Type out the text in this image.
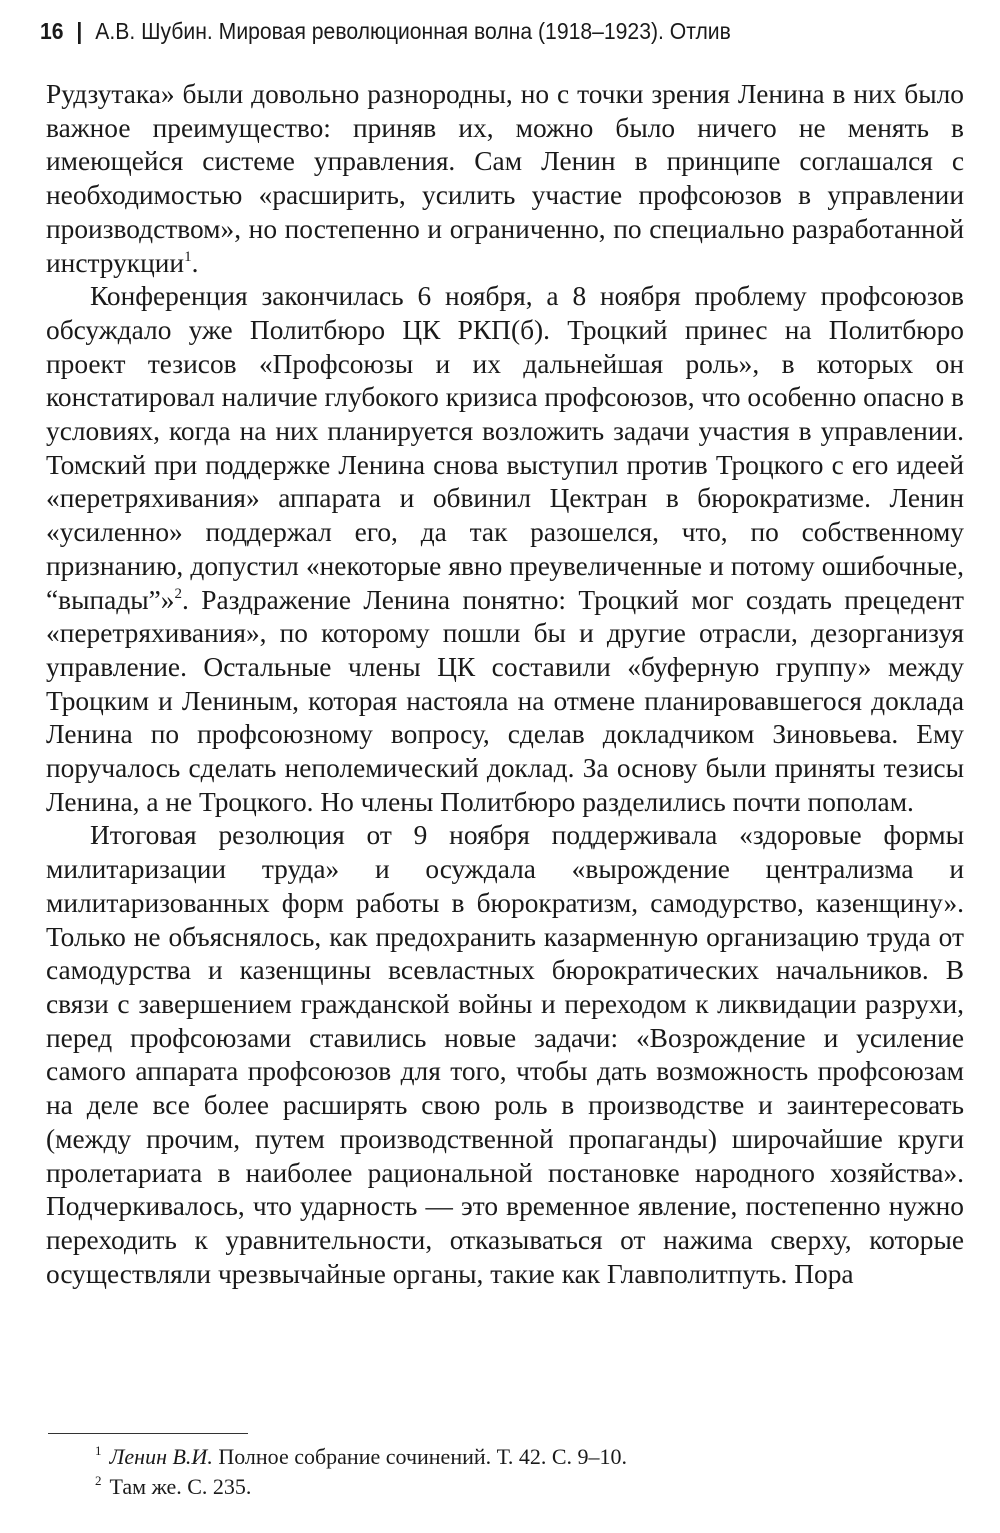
16 | А.В. Шубин. Мировая революционная волна (1918–1923). Отлив

Рудзутака» были довольно разнородны, но с точки зрения Ленина в них было важное преимущество: приняв их, можно было ничего не менять в имеющейся системе управления. Сам Ленин в принципе соглашался с необходимостью «расширить, усилить участие профсоюзов в управлении производством», но постепенно и ограниченно, по специально разработанной инструкции$^1$.

Конференция закончилась 6 ноября, а 8 ноября проблему профсоюзов обсуждало уже Политбюро ЦК РКП(б). Троцкий принес на Политбюро проект тезисов «Профсоюзы и их дальнейшая роль», в которых он констатировал наличие глубокого кризиса профсоюзов, что особенно опасно в условиях, когда на них планируется возложить задачи участия в управлении. Томский при поддержке Ленина снова выступил против Троцкого с его идеей «перетряхивания» аппарата и обвинил Цектран в бюрократизме. Ленин «усиленно» поддержал его, да так разошелся, что, по собственному признанию, допустил «некоторые явно преувеличенные и потому ошибочные, “выпады”»$^2$. Раздражение Ленина понятно: Троцкий мог создать прецедент «перетряхивания», по которому пошли бы и другие отрасли, дезорганизуя управление. Остальные члены ЦК составили «буферную группу» между Троцким и Лениным, которая настояла на отмене планировавшегося доклада Ленина по профсоюзному вопросу, сделав докладчиком Зиновьева. Ему поручалось сделать неполемический доклад. За основу были приняты тезисы Ленина, а не Троцкого. Но члены Политбюро разделились почти пополам.

Итоговая резолюция от 9 ноября поддерживала «здоровые формы милитаризации труда» и осуждала «вырождение централизма и милитаризованных форм работы в бюрократизм, самодурство, казенщину». Только не объяснялось, как предохранить казарменную организацию труда от самодурства и казенщины всевластных бюрократических начальников. В связи с завершением гражданской войны и переходом к ликвидации разрухи, перед профсоюзами ставились новые задачи: «Возрождение и усиление самого аппарата профсоюзов для того, чтобы дать возможность профсоюзам на деле все более расширять свою роль в производстве и заинтересовать (между прочим, путем производственной пропаганды) широчайшие круги пролетариата в наиболее рациональной постановке народного хозяйства». Подчеркивалось, что ударность — это временное явление, постепенно нужно переходить к уравнительности, отказываться от нажима сверху, которые осуществляли чрезвычайные органы, такие как Главполитпуть. Пора

$^1$ Ленин В.И. Полное собрание сочинений. Т. 42. С. 9–10.
$^2$ Там же. С. 235.
